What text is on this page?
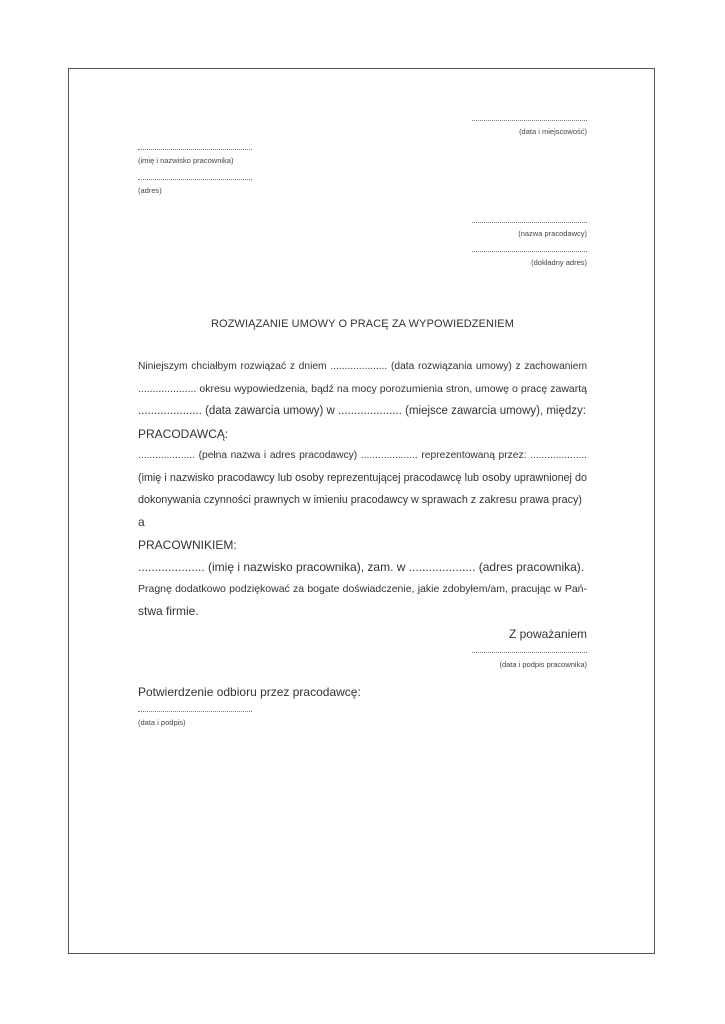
(data i miejscowość)
(imię i nazwisko pracownika)
(adres)
(nazwa pracodawcy)
(dokładny adres)
ROZWIĄZANIE UMOWY O PRACĘ ZA WYPOWIEDZENIEM

Niniejszym chciałbym rozwiązać z dniem .................... (data rozwiązania umowy) z zachowaniem

.................... okresu wypowiedzenia, bądź na mocy porozumienia stron, umowę o pracę zawartą

.................... (data zawarcia umowy) w .................... (miejsce zawarcia umowy), między:

PRACODAWCĄ:

.................... (pełna nazwa i adres pracodawcy) .................... reprezentowaną przez: ....................

(imię i nazwisko pracodawcy lub osoby reprezentującej pracodawcę lub osoby uprawnionej do

dokonywania czynności prawnych w imieniu pracodawcy w sprawach z zakresu prawa pracy)

a

PRACOWNIKIEM:

.................... (imię i nazwisko pracownika), zam. w .................... (adres pracownika).

Pragnę dodatkowo podziękować za bogate doświadczenie, jakie zdobyłem/am, pracując w Pań-

stwa firmie.

Z poważaniem
(data i podpis pracownika)
Potwierdzenie odbioru przez pracodawcę:
(data i podpis)
